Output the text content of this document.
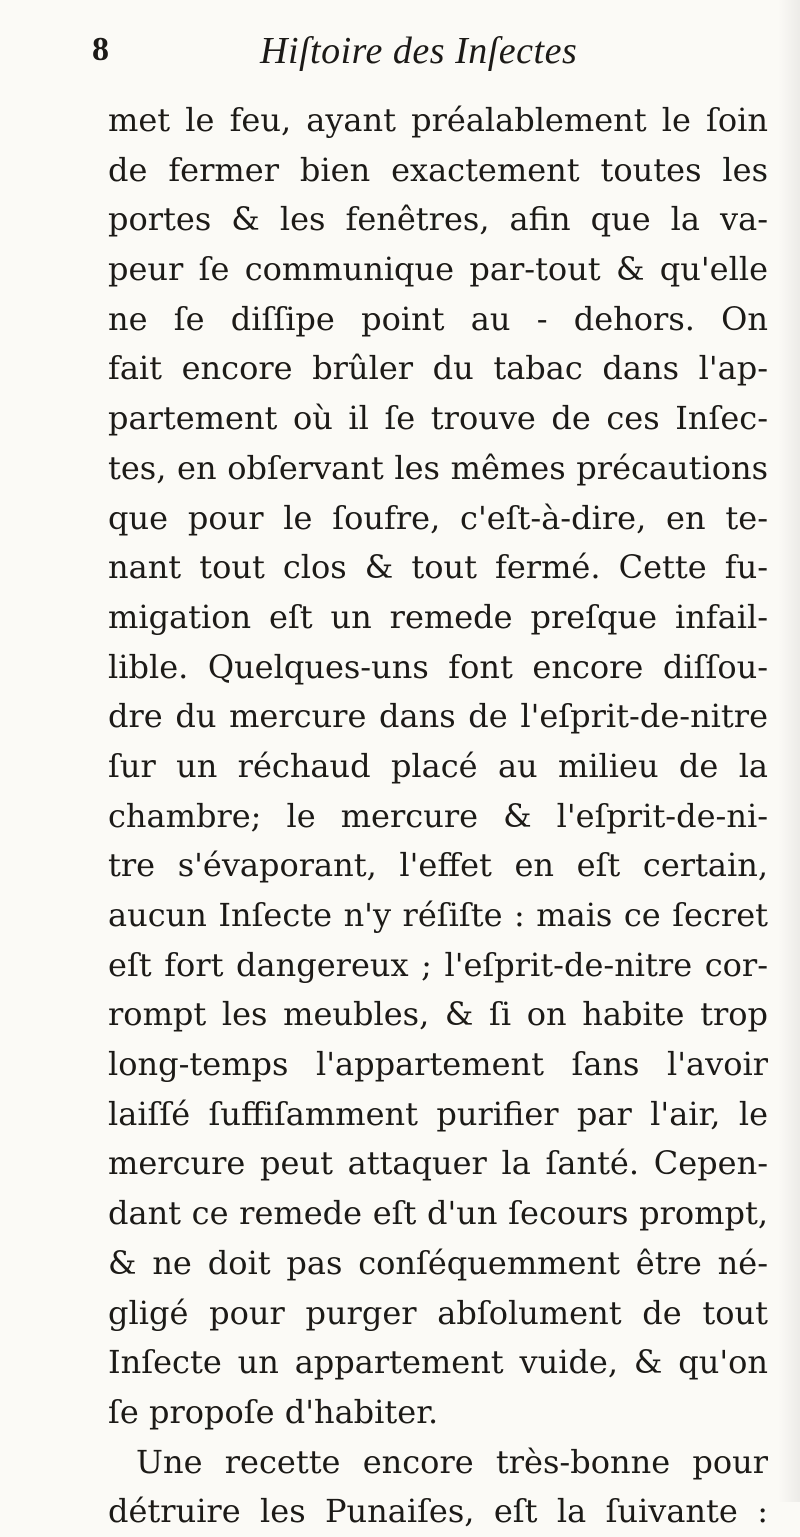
8	Hiſtoire des Inſectes
met le feu, ayant préalablement le ſoin
de fermer bien exactement toutes les
portes & les fenêtres, afin que la va-
peur ſe communique par-tout & qu'elle
ne ſe diſſipe point au - dehors. On
fait encore brûler du tabac dans l'ap-
partement où il ſe trouve de ces Inſec-
tes, en obſervant les mêmes précautions
que pour le ſoufre, c'eſt-à-dire, en te-
nant tout clos & tout fermé. Cette fu-
migation eſt un remede preſque infail-
lible. Quelques-uns font encore diſſou-
dre du mercure dans de l'eſprit-de-nitre
ſur un réchaud placé au milieu de la
chambre; le mercure & l'eſprit-de-ni-
tre s'évaporant, l'effet en eſt certain,
aucun Inſecte n'y réſiſte : mais ce ſecret
eſt fort dangereux ; l'eſprit-de-nitre cor-
rompt les meubles, & ſi on habite trop
long-temps l'appartement ſans l'avoir
laiſſé ſuffiſamment purifier par l'air, le
mercure peut attaquer la ſanté. Cepen-
dant ce remede eſt d'un ſecours prompt,
& ne doit pas conſéquemment être né-
gligé pour purger abſolument de tout
Inſecte un appartement vuide, & qu'on
ſe propoſe d'habiter.
Une recette encore très-bonne pour
détruire les Punaiſes, eſt la ſuivante :
